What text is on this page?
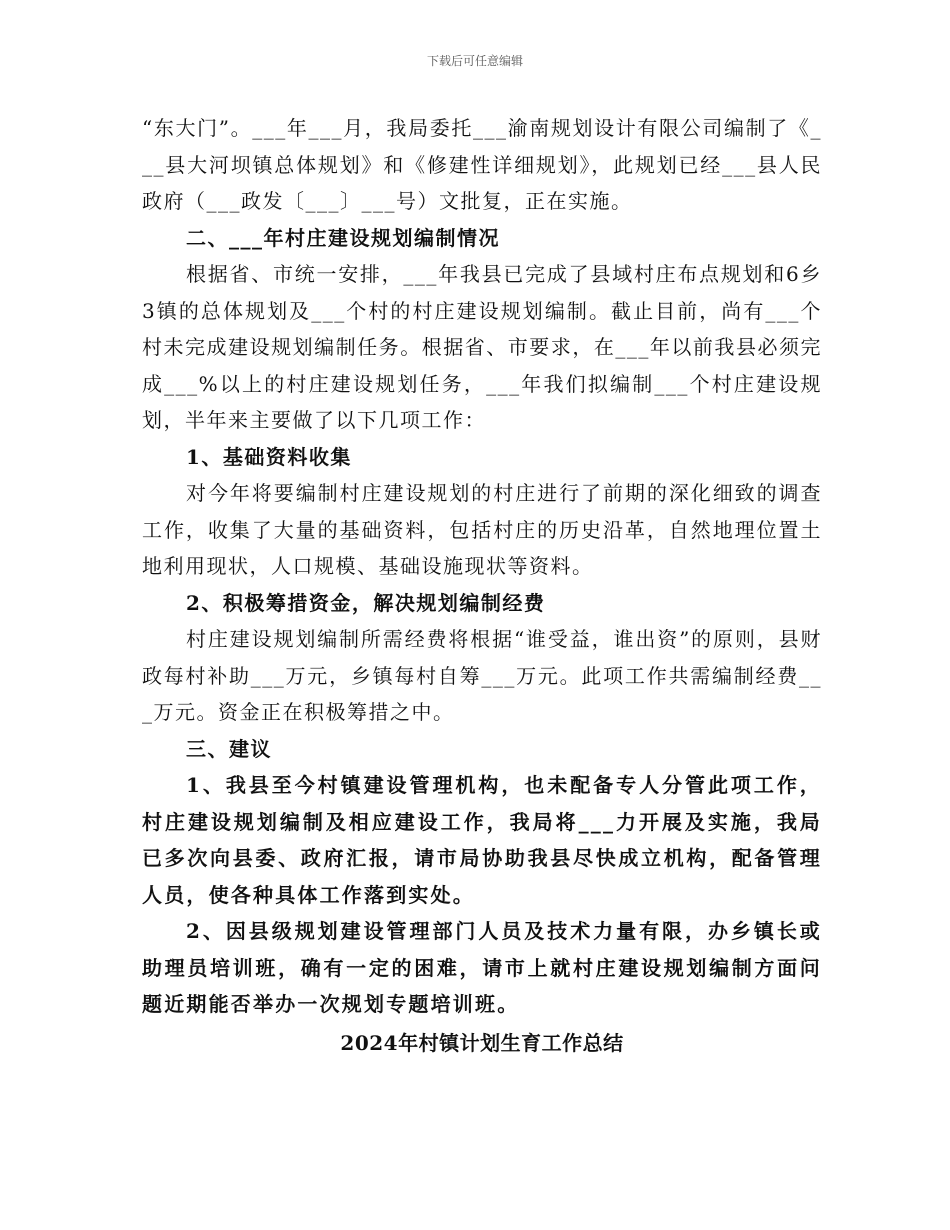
下载后可任意编辑

“东大门”。___年___月，我局委托___渝南规划设计有限公司编制了《___县大河坝镇总体规划》和《修建性详细规划》，此规划已经___县人民政府（___政发〔___〕___号）文批复，正在实施。

二、___年村庄建设规划编制情况

根据省、市统一安排，___年我县已完成了县域村庄布点规划和6乡3镇的总体规划及___个村的村庄建设规划编制。截止目前，尚有___个村未完成建设规划编制任务。根据省、市要求，在___年以前我县必须完成___%以上的村庄建设规划任务，___年我们拟编制___个村庄建设规划，半年来主要做了以下几项工作：

1、基础资料收集

对今年将要编制村庄建设规划的村庄进行了前期的深化细致的调查工作，收集了大量的基础资料，包括村庄的历史沿革，自然地理位置土地利用现状，人口规模、基础设施现状等资料。

2、积极筹措资金，解决规划编制经费

村庄建设规划编制所需经费将根据“谁受益，谁出资”的原则，县财政每村补助___万元，乡镇每村自筹___万元。此项工作共需编制经费___万元。资金正在积极筹措之中。

三、建议

1、我县至今村镇建设管理机构，也未配备专人分管此项工作，村庄建设规划编制及相应建设工作，我局将___力开展及实施，我局已多次向县委、政府汇报，请市局协助我县尽快成立机构，配备管理人员，使各种具体工作落到实处。

2、因县级规划建设管理部门人员及技术力量有限，办乡镇长或助理员培训班，确有一定的困难，请市上就村庄建设规划编制方面问题近期能否举办一次规划专题培训班。

2024年村镇计划生育工作总结
